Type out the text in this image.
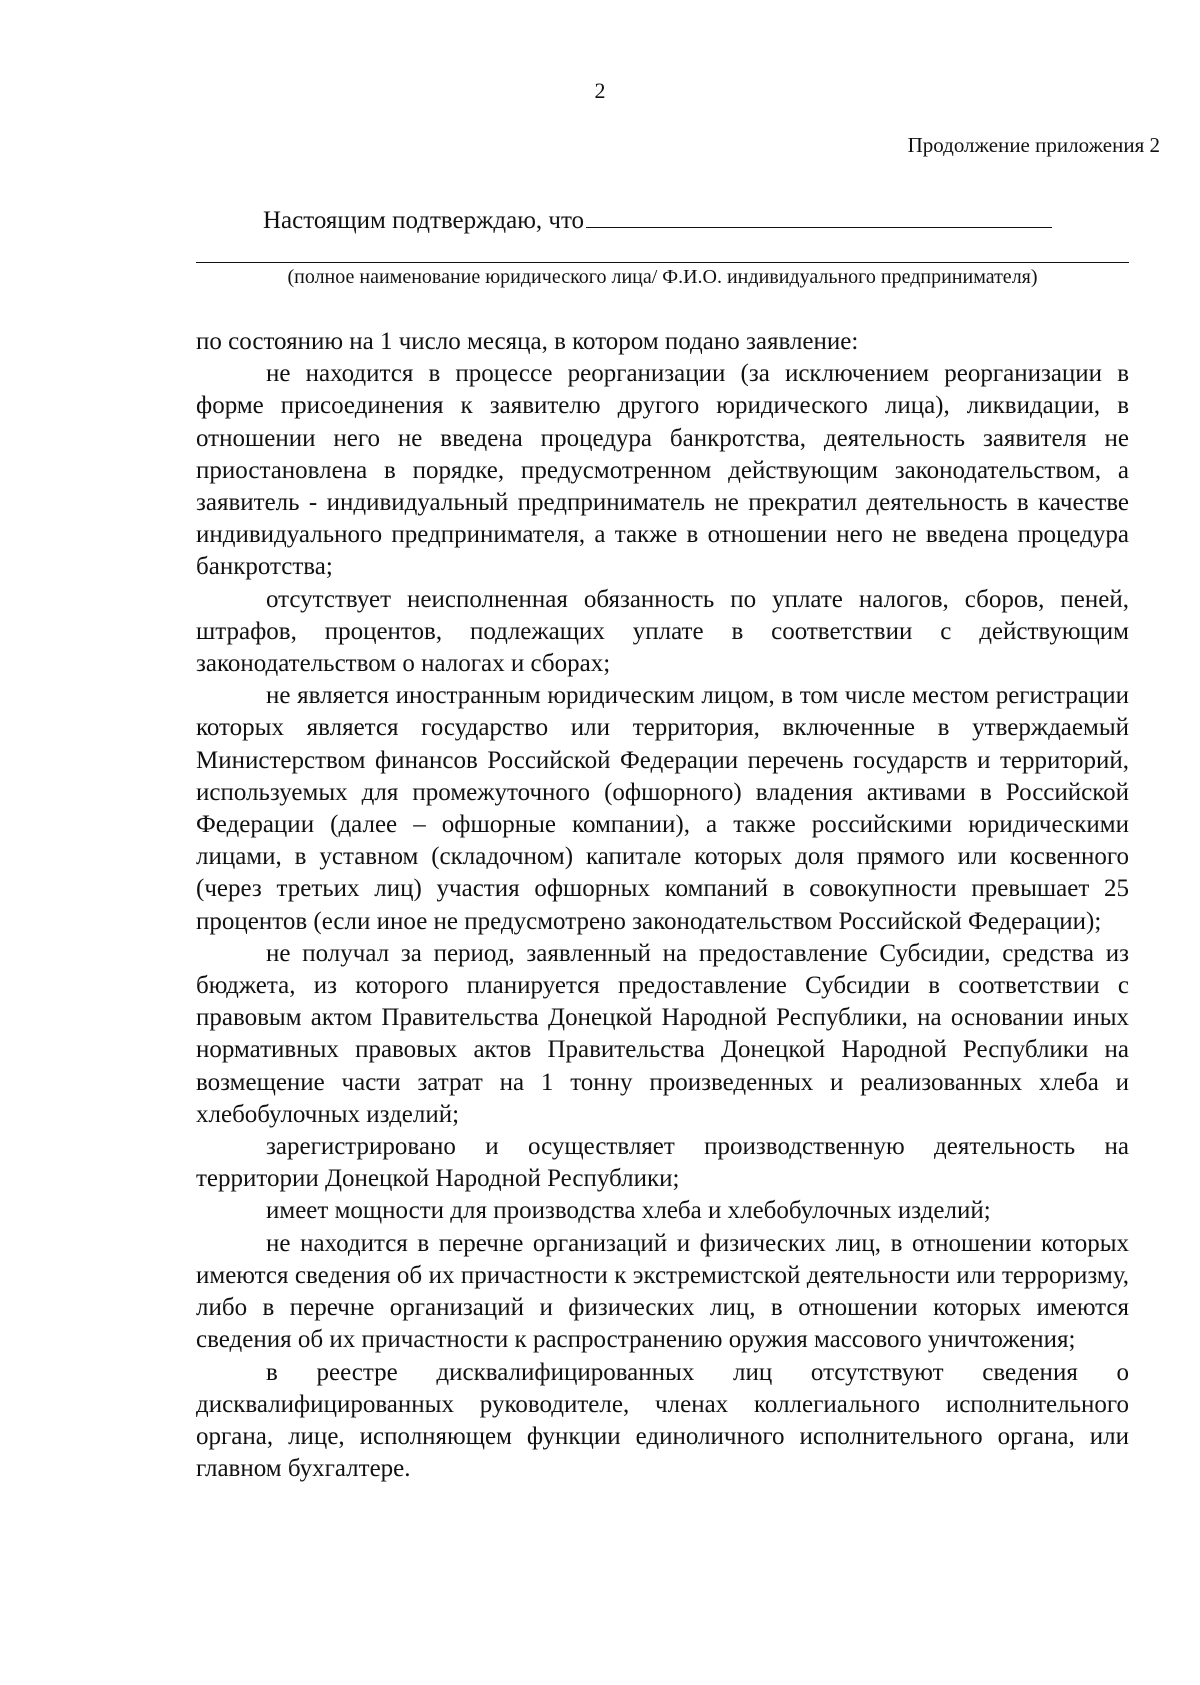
2
Продолжение приложения 2
Настоящим подтверждаю, что
(полное наименование юридического лица/ Ф.И.О. индивидуального предпринимателя)

по состоянию на 1 число месяца, в котором подано заявление:

не находится в процессе реорганизации (за исключением реорганизации в форме присоединения к заявителю другого юридического лица), ликвидации, в отношении него не введена процедура банкротства, деятельность заявителя не приостановлена в порядке, предусмотренном действующим законодательством, а заявитель - индивидуальный предприниматель не прекратил деятельность в качестве индивидуального предпринимателя, а также в отношении него не введена процедура банкротства;

отсутствует неисполненная обязанность по уплате налогов, сборов, пеней, штрафов, процентов, подлежащих уплате в соответствии с действующим законодательством о налогах и сборах;

не является иностранным юридическим лицом, в том числе местом регистрации которых является государство или территория, включенные в утверждаемый Министерством финансов Российской Федерации перечень государств и территорий, используемых для промежуточного (офшорного) владения активами в Российской Федерации (далее – офшорные компании), а также российскими юридическими лицами, в уставном (складочном) капитале которых доля прямого или косвенного (через третьих лиц) участия офшорных компаний в совокупности превышает 25 процентов (если иное не предусмотрено законодательством Российской Федерации);

не получал за период, заявленный на предоставление Субсидии, средства из бюджета, из которого планируется предоставление Субсидии в соответствии с правовым актом Правительства Донецкой Народной Республики, на основании иных нормативных правовых актов Правительства Донецкой Народной Республики на возмещение части затрат на 1 тонну произведенных и реализованных хлеба и хлебобулочных изделий;

зарегистрировано и осуществляет производственную деятельность на территории Донецкой Народной Республики;

имеет мощности для производства хлеба и хлебобулочных изделий;

не находится в перечне организаций и физических лиц, в отношении которых имеются сведения об их причастности к экстремистской деятельности или терроризму, либо в перечне организаций и физических лиц, в отношении которых имеются сведения об их причастности к распространению оружия массового уничтожения;

в реестре дисквалифицированных лиц отсутствуют сведения о дисквалифицированных руководителе, членах коллегиального исполнительного органа, лице, исполняющем функции единоличного исполнительного органа, или главном бухгалтере.
